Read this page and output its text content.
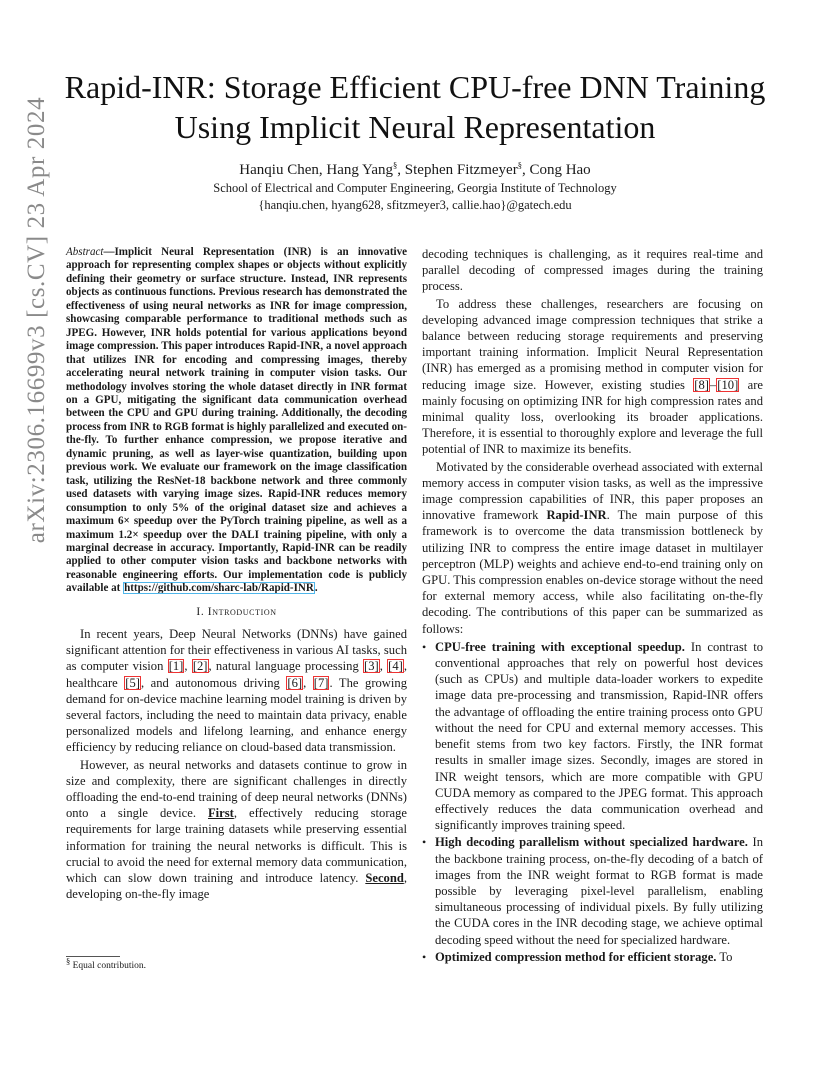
arXiv:2306.16699v3 [cs.CV] 23 Apr 2024
Rapid-INR: Storage Efficient CPU-free DNN Training Using Implicit Neural Representation
Hanqiu Chen, Hang Yang§, Stephen Fitzmeyer§, Cong Hao
School of Electrical and Computer Engineering, Georgia Institute of Technology
{hanqiu.chen, hyang628, sfitzmeyer3, callie.hao}@gatech.edu

Abstract—Implicit Neural Representation (INR) is an innovative approach for representing complex shapes or objects without explicitly defining their geometry or surface structure. Instead, INR represents objects as continuous functions. Previous research has demonstrated the effectiveness of using neural networks as INR for image compression, showcasing comparable performance to traditional methods such as JPEG. However, INR holds potential for various applications beyond image compression. This paper introduces Rapid-INR, a novel approach that utilizes INR for encoding and compressing images, thereby accelerating neural network training in computer vision tasks. Our methodology involves storing the whole dataset directly in INR format on a GPU, mitigating the significant data communication overhead between the CPU and GPU during training. Additionally, the decoding process from INR to RGB format is highly parallelized and executed on-the-fly. To further enhance compression, we propose iterative and dynamic pruning, as well as layer-wise quantization, building upon previous work. We evaluate our framework on the image classification task, utilizing the ResNet-18 backbone network and three commonly used datasets with varying image sizes. Rapid-INR reduces memory consumption to only 5% of the original dataset size and achieves a maximum 6× speedup over the PyTorch training pipeline, as well as a maximum 1.2× speedup over the DALI training pipeline, with only a marginal decrease in accuracy. Importantly, Rapid-INR can be readily applied to other computer vision tasks and backbone networks with reasonable engineering efforts. Our implementation code is publicly available at https://github.com/sharc-lab/Rapid-INR.

I. Introduction

In recent years, Deep Neural Networks (DNNs) have gained significant attention for their effectiveness in various AI tasks, such as computer vision [1], [2], natural language processing [3], [4], healthcare [5], and autonomous driving [6], [7]. The growing demand for on-device machine learning model training is driven by several factors, including the need to maintain data privacy, enable personalized models and lifelong learning, and enhance energy efficiency by reducing reliance on cloud-based data transmission.

However, as neural networks and datasets continue to grow in size and complexity, there are significant challenges in directly offloading the end-to-end training of deep neural networks (DNNs) onto a single device. First, effectively reducing storage requirements for large training datasets while preserving essential information for training the neural networks is difficult. This is crucial to avoid the need for external memory data communication, which can slow down training and introduce latency. Second, developing on-the-fly image

§ Equal contribution.

decoding techniques is challenging, as it requires real-time and parallel decoding of compressed images during the training process.

To address these challenges, researchers are focusing on developing advanced image compression techniques that strike a balance between reducing storage requirements and preserving important training information. Implicit Neural Representation (INR) has emerged as a promising method in computer vision for reducing image size. However, existing studies [8]–[10] are mainly focusing on optimizing INR for high compression rates and minimal quality loss, overlooking its broader applications. Therefore, it is essential to thoroughly explore and leverage the full potential of INR to maximize its benefits.

Motivated by the considerable overhead associated with external memory access in computer vision tasks, as well as the impressive image compression capabilities of INR, this paper proposes an innovative framework Rapid-INR. The main purpose of this framework is to overcome the data transmission bottleneck by utilizing INR to compress the entire image dataset in multilayer perceptron (MLP) weights and achieve end-to-end training only on GPU. This compression enables on-device storage without the need for external memory access, while also facilitating on-the-fly decoding. The contributions of this paper can be summarized as follows:

• CPU-free training with exceptional speedup. In contrast to conventional approaches that rely on powerful host devices (such as CPUs) and multiple data-loader workers to expedite image data pre-processing and transmission, Rapid-INR offers the advantage of offloading the entire training process onto GPU without the need for CPU and external memory accesses. This benefit stems from two key factors. Firstly, the INR format results in smaller image sizes. Secondly, images are stored in INR weight tensors, which are more compatible with GPU CUDA memory as compared to the JPEG format. This approach effectively reduces the data communication overhead and significantly improves training speed.
• High decoding parallelism without specialized hardware. In the backbone training process, on-the-fly decoding of a batch of images from the INR weight format to RGB format is made possible by leveraging pixel-level parallelism, enabling simultaneous processing of individual pixels. By fully utilizing the CUDA cores in the INR decoding stage, we achieve optimal decoding speed without the need for specialized hardware.
• Optimized compression method for efficient storage. To
